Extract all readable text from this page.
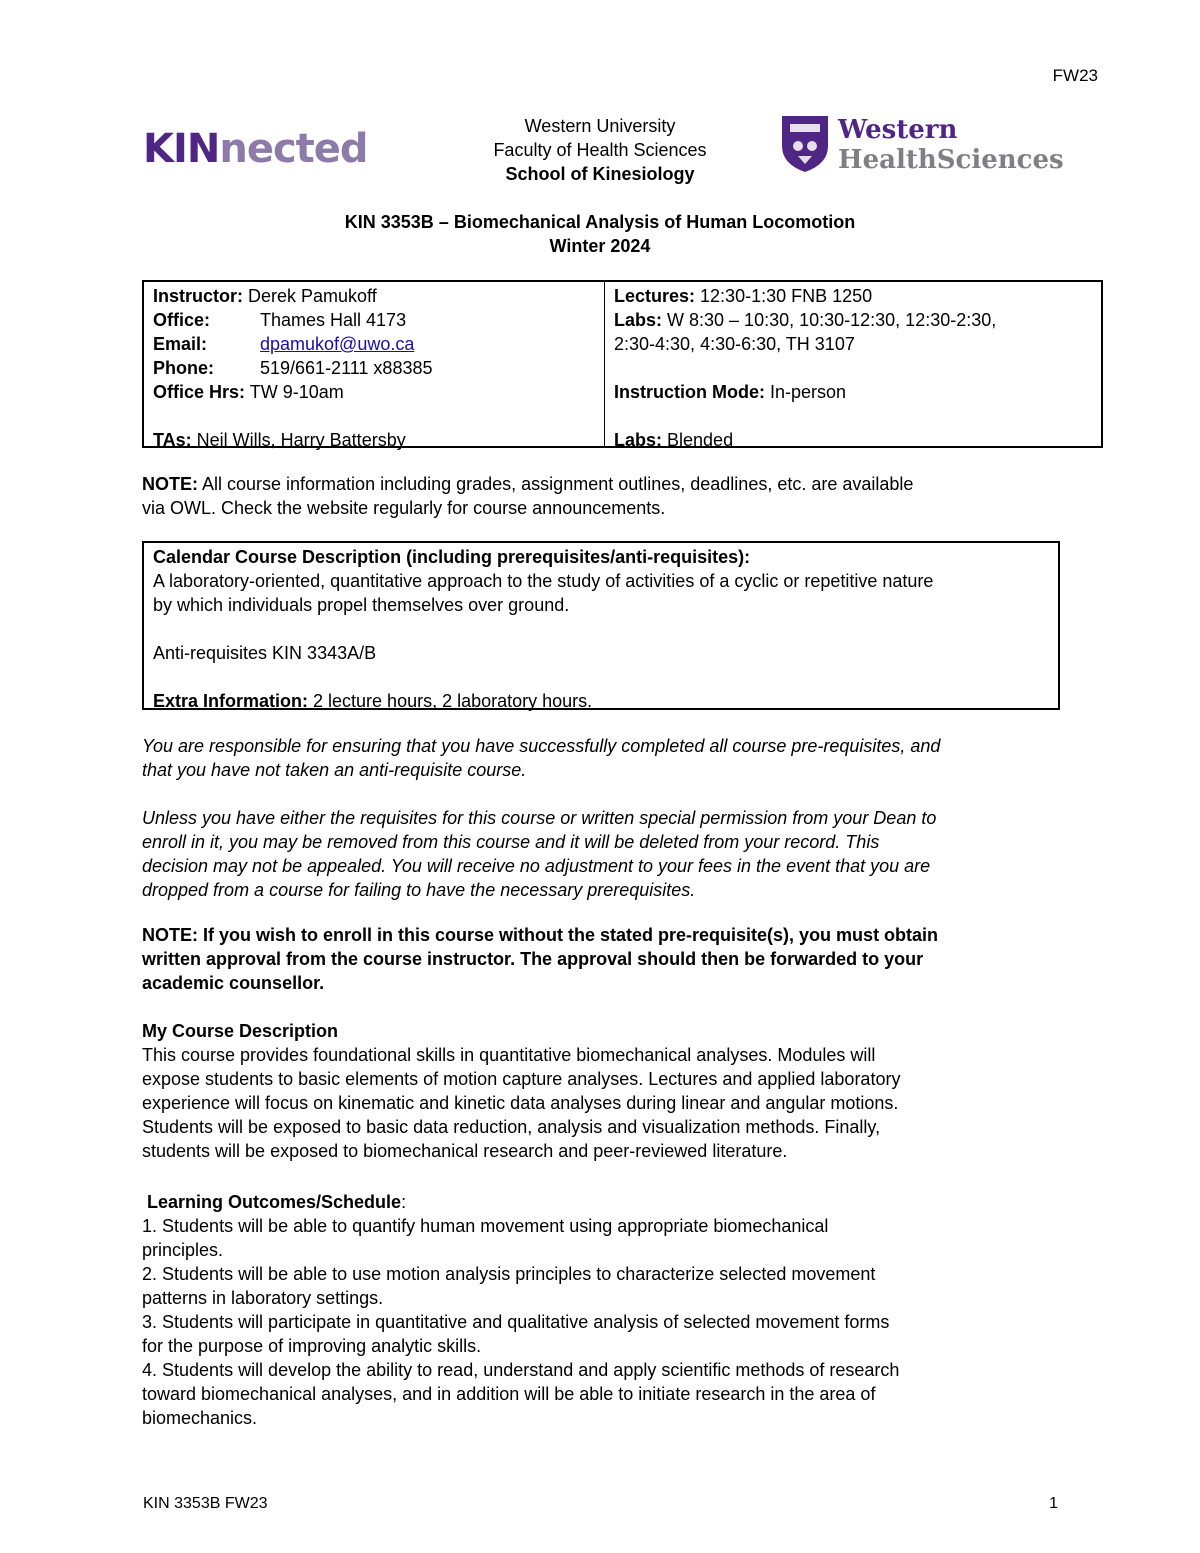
FW23
KINnected	Western University
Faculty of Health Sciences
School of Kinesiology
Western
HealthSciences
KIN 3353B – Biomechanical Analysis of Human Locomotion
Winter 2024
Instructor: Derek Pamukoff
Office:	Thames Hall 4173
Email:	dpamukof@uwo.ca
Phone:	519/661-2111 x88385
Office Hrs: TW 9-10am
TAs: Neil Wills, Harry Battersby
Lectures: 12:30-1:30 FNB 1250
Labs: W 8:30 – 10:30, 10:30-12:30, 12:30-2:30,
2:30-4:30, 4:30-6:30, TH 3107
Instruction Mode: In-person
Labs: Blended
NOTE: All course information including grades, assignment outlines, deadlines, etc. are available
via OWL. Check the website regularly for course announcements.
Calendar Course Description (including prerequisites/anti-requisites):
A laboratory-oriented, quantitative approach to the study of activities of a cyclic or repetitive nature
by which individuals propel themselves over ground.
Anti-requisites KIN 3343A/B
Extra Information: 2 lecture hours, 2 laboratory hours.
You are responsible for ensuring that you have successfully completed all course pre-requisites, and
that you have not taken an anti-requisite course.
Unless you have either the requisites for this course or written special permission from your Dean to
enroll in it, you may be removed from this course and it will be deleted from your record. This
decision may not be appealed. You will receive no adjustment to your fees in the event that you are
dropped from a course for failing to have the necessary prerequisites.
NOTE: If you wish to enroll in this course without the stated pre-requisite(s), you must obtain
written approval from the course instructor. The approval should then be forwarded to your
academic counsellor.
My Course Description
This course provides foundational skills in quantitative biomechanical analyses. Modules will
expose students to basic elements of motion capture analyses. Lectures and applied laboratory
experience will focus on kinematic and kinetic data analyses during linear and angular motions.
Students will be exposed to basic data reduction, analysis and visualization methods. Finally,
students will be exposed to biomechanical research and peer-reviewed literature.
Learning Outcomes/Schedule:
1. Students will be able to quantify human movement using appropriate biomechanical
principles.
2. Students will be able to use motion analysis principles to characterize selected movement
patterns in laboratory settings.
3. Students will participate in quantitative and qualitative analysis of selected movement forms
for the purpose of improving analytic skills.
4. Students will develop the ability to read, understand and apply scientific methods of research
toward biomechanical analyses, and in addition will be able to initiate research in the area of
biomechanics.
KIN 3353B FW23	1
